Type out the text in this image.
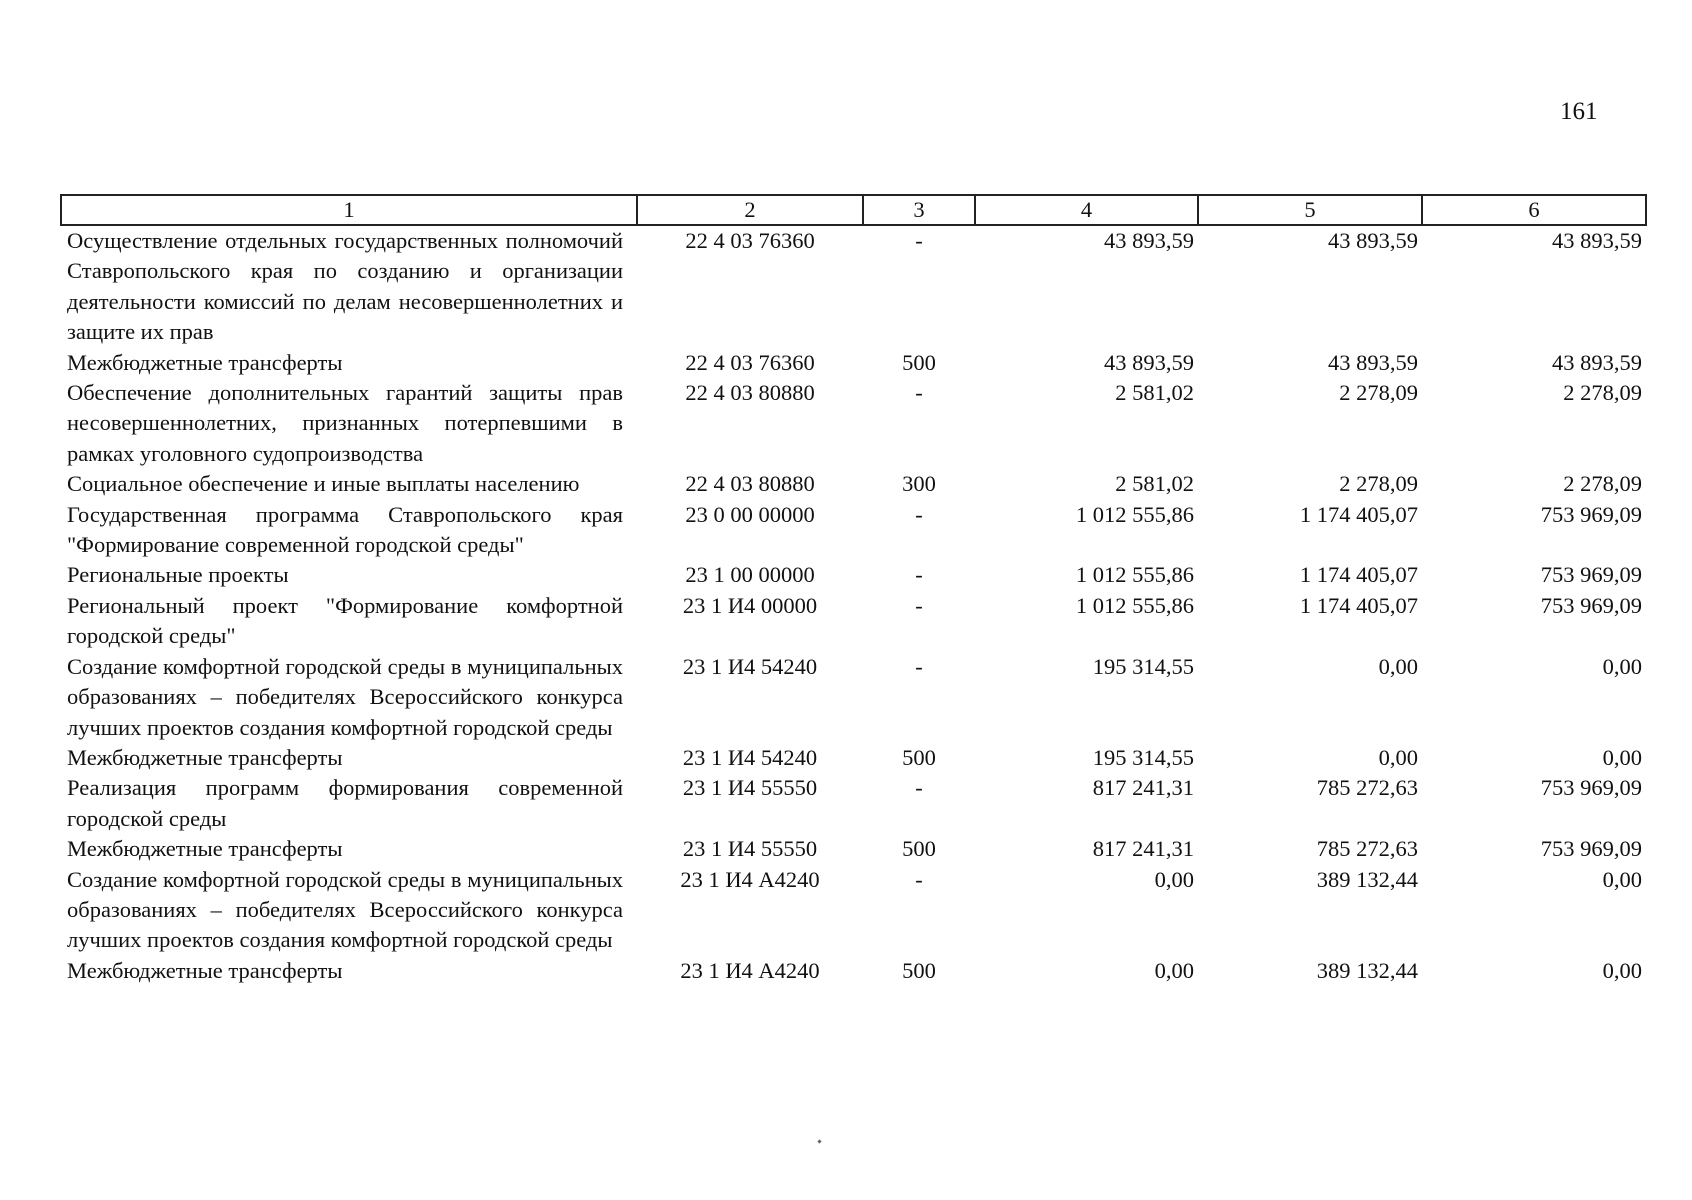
161
1	2	3	4	5	6
Осуществление отдельных государственных полномочий Ставропольского края по созданию и организации деятельности комиссий по делам несовершеннолетних и защите их прав	22 4 03 76360	-	43 893,59	43 893,59	43 893,59
Межбюджетные трансферты	22 4 03 76360	500	43 893,59	43 893,59	43 893,59
Обеспечение дополнительных гарантий защиты прав несовершеннолетних, признанных потерпевшими в рамках уголовного судопроизводства	22 4 03 80880	-	2 581,02	2 278,09	2 278,09
Социальное обеспечение и иные выплаты населению	22 4 03 80880	300	2 581,02	2 278,09	2 278,09
Государственная программа Ставропольского края "Формирование современной городской среды"	23 0 00 00000	-	1 012 555,86	1 174 405,07	753 969,09
Региональные проекты	23 1 00 00000	-	1 012 555,86	1 174 405,07	753 969,09
Региональный проект "Формирование комфортной городской среды"	23 1 И4 00000	-	1 012 555,86	1 174 405,07	753 969,09
Создание комфортной городской среды в муниципальных образованиях – победителях Всероссийского конкурса лучших проектов создания комфортной городской среды	23 1 И4 54240	-	195 314,55	0,00	0,00
Межбюджетные трансферты	23 1 И4 54240	500	195 314,55	0,00	0,00
Реализация программ формирования современной городской среды	23 1 И4 55550	-	817 241,31	785 272,63	753 969,09
Межбюджетные трансферты	23 1 И4 55550	500	817 241,31	785 272,63	753 969,09
Создание комфортной городской среды в муниципальных образованиях – победителях Всероссийского конкурса лучших проектов создания комфортной городской среды	23 1 И4 А4240	-	0,00	389 132,44	0,00
Межбюджетные трансферты	23 1 И4 А4240	500	0,00	389 132,44	0,00
